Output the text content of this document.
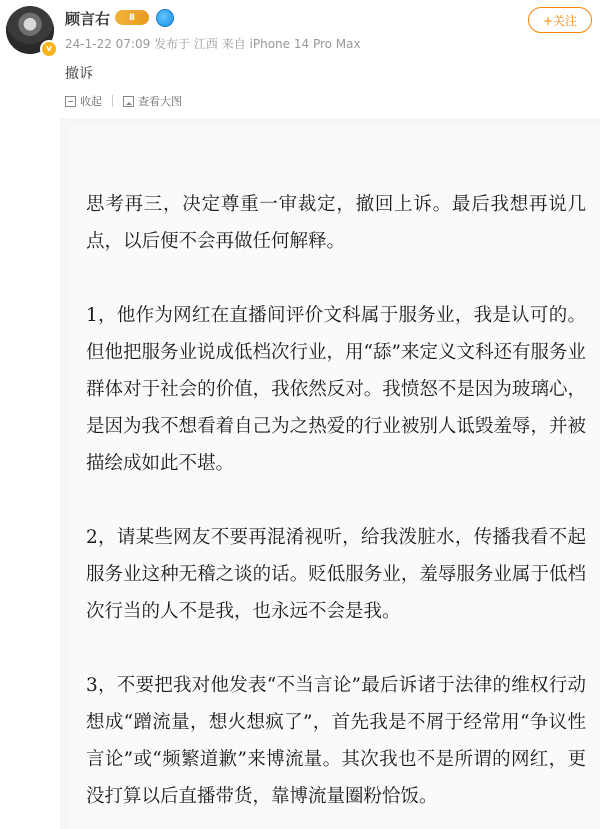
v
顾言右	Ⅱ
24-1-22 07:09 发布于 江西 来自 iPhone 14 Pro Max
+关注
撤诉
收起	查看大图

思考再三，决定尊重一审裁定，撤回上诉。最后我想再说几点，以后便不会再做任何解释。

1，他作为网红在直播间评价文科属于服务业，我是认可的。但他把服务业说成低档次行业，用“舔”来定义文科还有服务业群体对于社会的价值，我依然反对。我愤怒不是因为玻璃心，是因为我不想看着自己为之热爱的行业被别人诋毁羞辱，并被描绘成如此不堪。

2，请某些网友不要再混淆视听，给我泼脏水，传播我看不起服务业这种无稽之谈的话。贬低服务业，羞辱服务业属于低档次行当的人不是我，也永远不会是我。

3，不要把我对他发表“不当言论”最后诉诸于法律的维权行动想成“蹭流量，想火想疯了”，首先我是不屑于经常用“争议性言论”或“频繁道歉”来博流量。其次我也不是所谓的网红，更没打算以后直播带货，靠博流量圈粉恰饭。
